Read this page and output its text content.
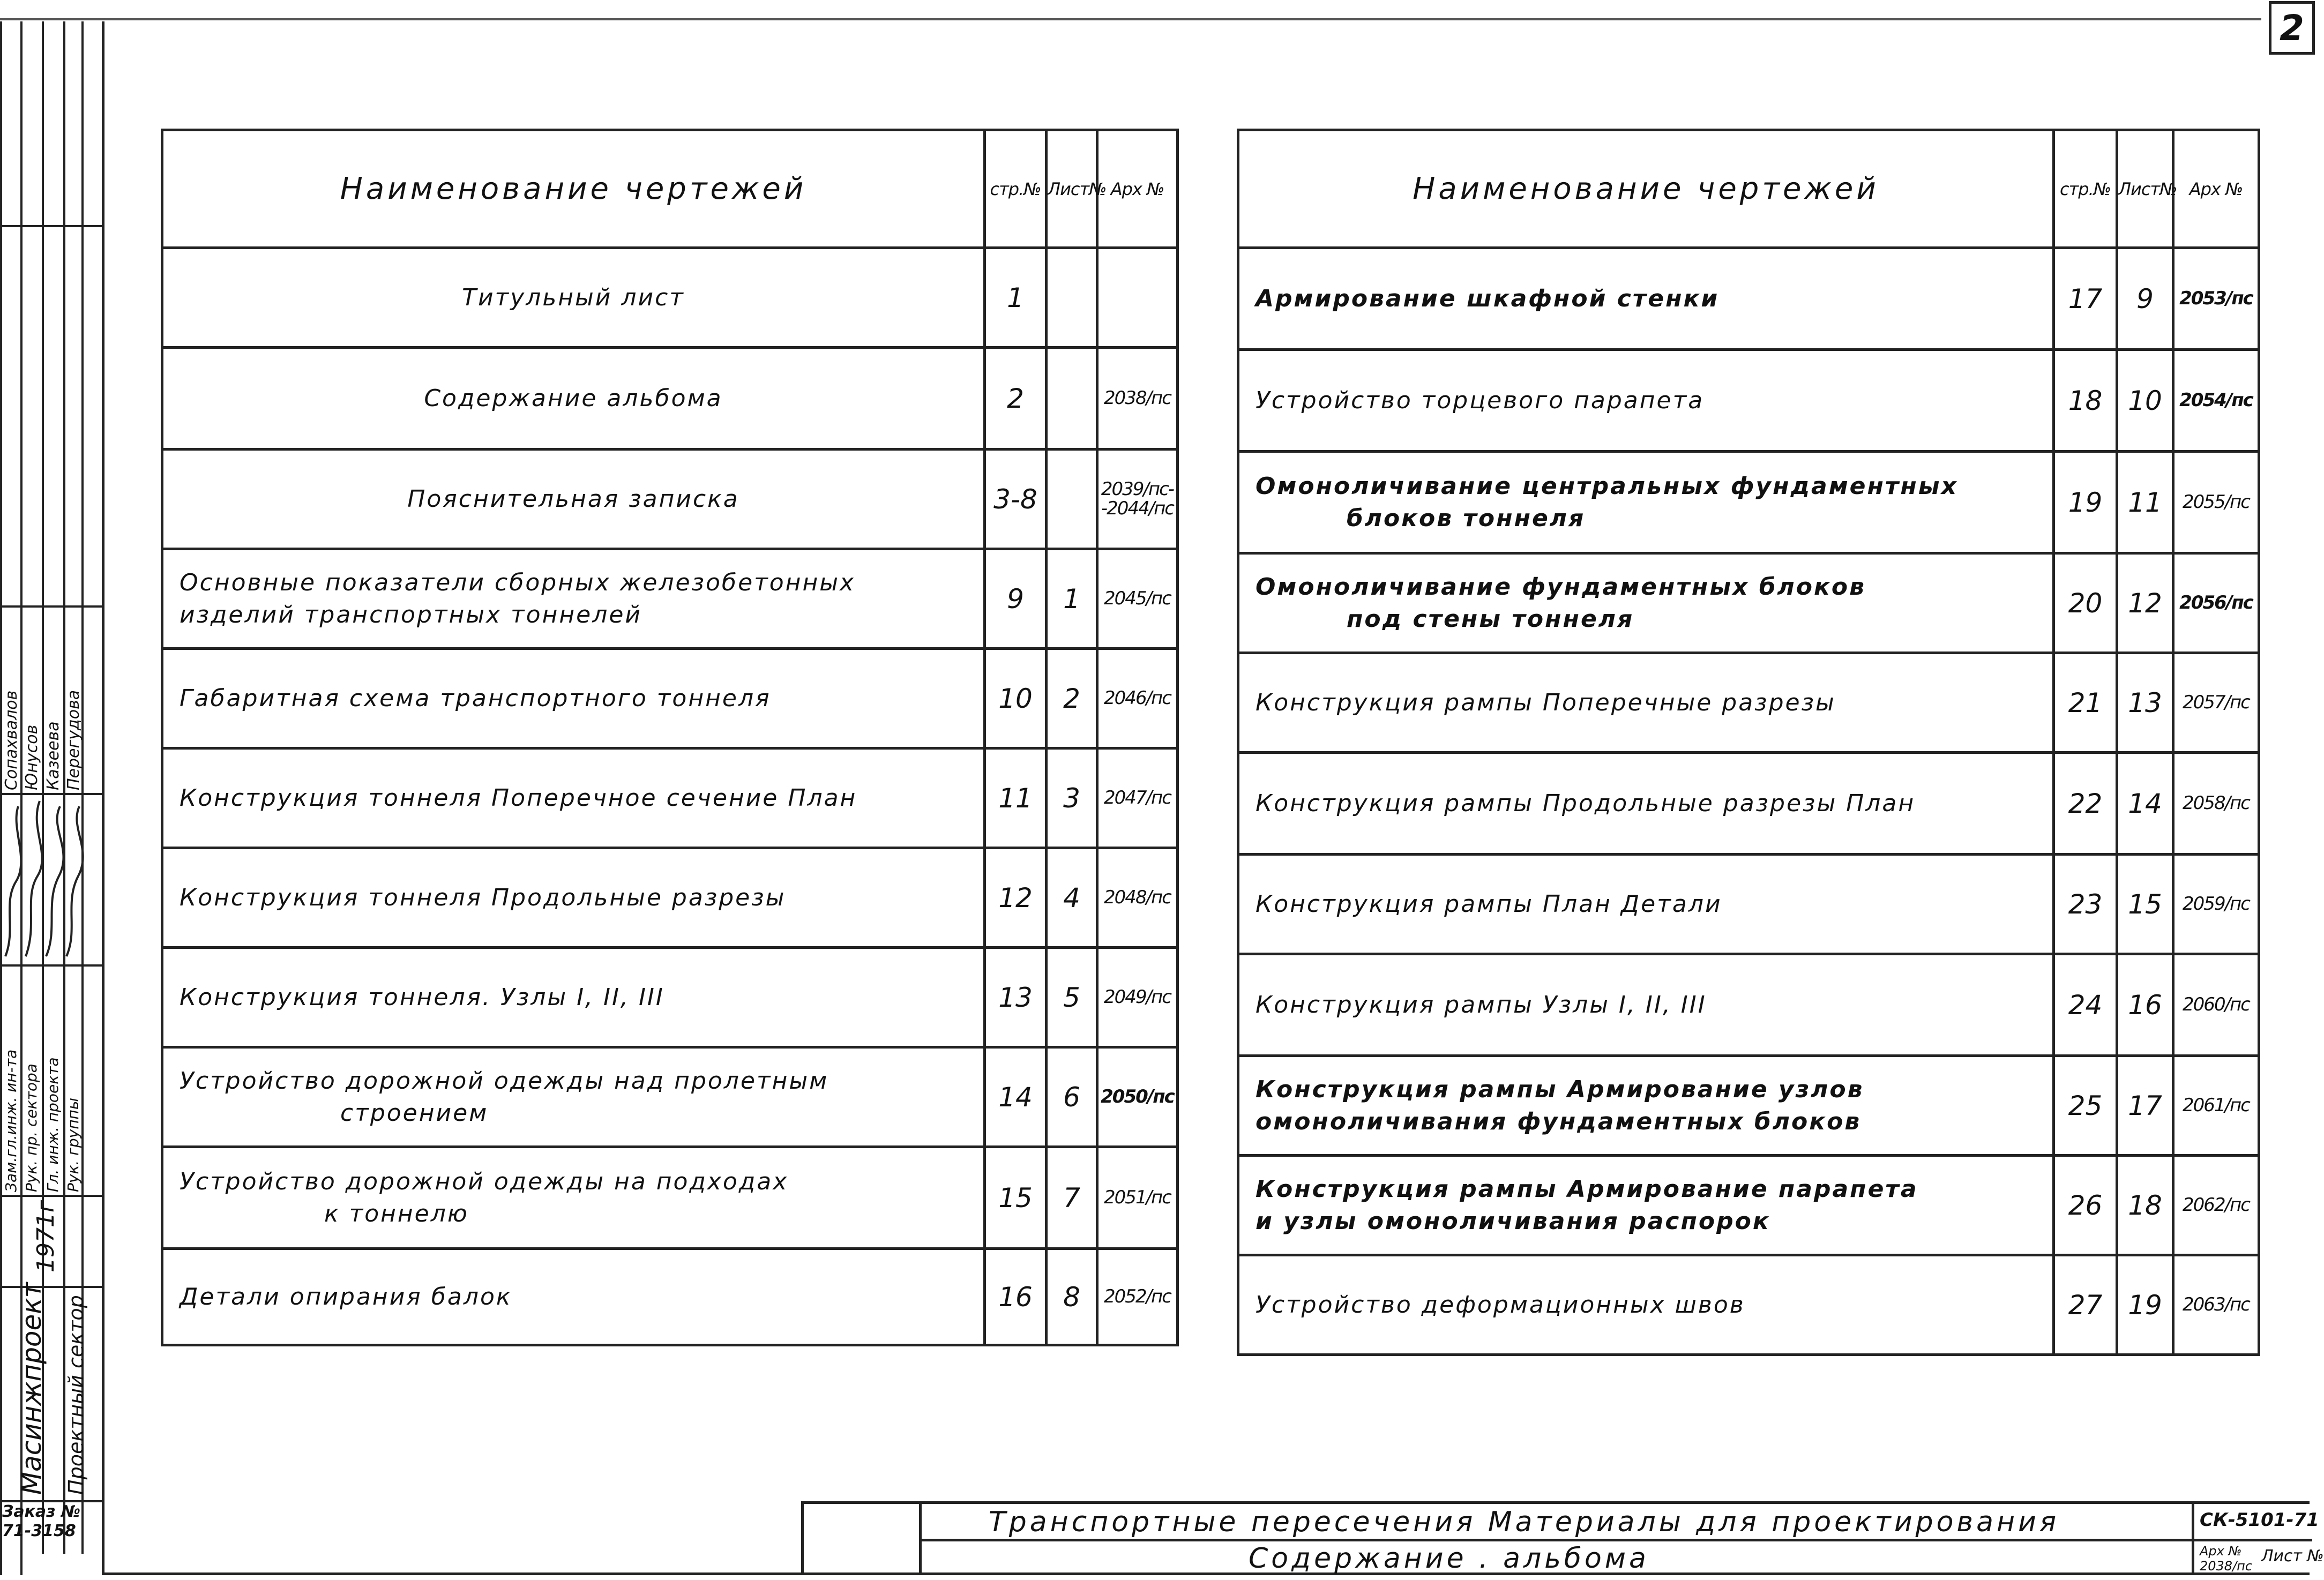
2
Сопахвалов Юнусов Казеева Перегудова
Зам.гл.инж. ин-та Рук. пр. сектора Гл. инж. проекта Рук. группы
1971г
Масинжпроект Проектный сектор
Заказ №
71-3158
Наименование чертежей	стр.№	Лист№	Арх №
Титульный лист	1		
Содержание альбома	2		2038/пс
Пояснительная записка	3-8		2039/пс-
-2044/пс
Основные показатели сборных железобетонных
изделий транспортных тоннелей	9	1	2045/пс
Габаритная схема транспортного тоннеля	10	2	2046/пс
Конструкция тоннеля Поперечное сечение План	11	3	2047/пс
Конструкция тоннеля Продольные разрезы	12	4	2048/пс
Конструкция тоннеля. Узлы I, II, III	13	5	2049/пс
Устройство дорожной одежды над пролетным
строением	14	6	2050/пс
Устройство дорожной одежды на подходах
к тоннелю	15	7	2051/пс
Детали опирания балок	16	8	2052/пс
Наименование чертежей	стр.№	Лист№	Арх №
Армирование шкафной стенки	17	9	2053/пс
Устройство торцевого парапета	18	10	2054/пс
Омоноличивание центральных фундаментных
блоков тоннеля	19	11	2055/пс
Омоноличивание фундаментных блоков
под стены тоннеля	20	12	2056/пс
Конструкция рампы Поперечные разрезы	21	13	2057/пс
Конструкция рампы Продольные разрезы План	22	14	2058/пс
Конструкция рампы План Детали	23	15	2059/пс
Конструкция рампы Узлы I, II, III	24	16	2060/пс
Конструкция рампы Армирование узлов
омоноличивания фундаментных блоков	25	17	2061/пс
Конструкция рампы Армирование парапета
и узлы омоноличивания распорок	26	18	2062/пс
Устройство деформационных швов	27	19	2063/пс
Транспортные пересечения Материалы для проектирования
Содержание . альбома
СК-5101-71
Арх №
2038/пс
Лист №
